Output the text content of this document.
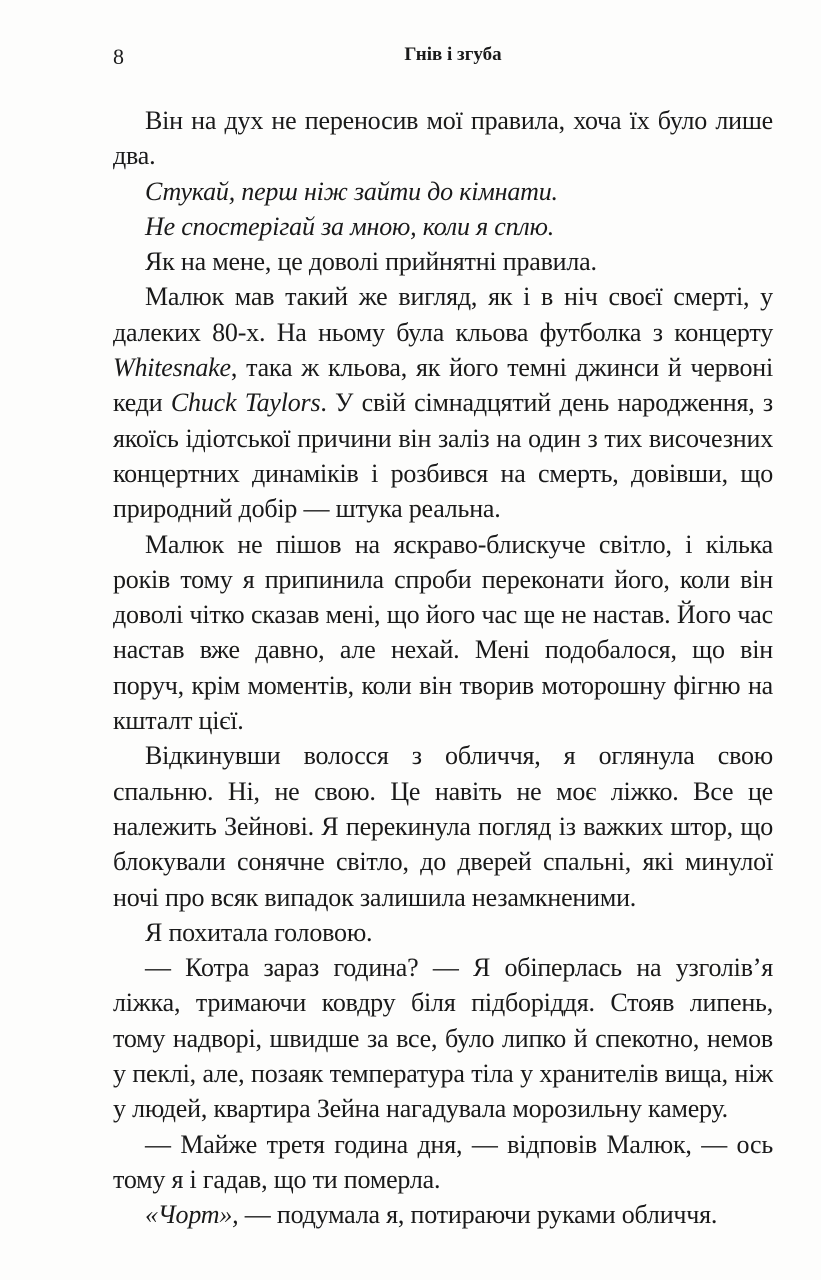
8	Гнів і згуба

Він на дух не переносив мої правила, хоча їх було лише два.

Стукай, перш ніж зайти до кімнати.

Не спостерігай за мною, коли я сплю.

Як на мене, це доволі прийнятні правила.

Малюк мав такий же вигляд, як і в ніч своєї смерті, у далеких 80-х. На ньому була кльова футболка з концерту Whitesnake, така ж кльова, як його темні джинси й червоні кеди Chuck Taylors. У свій сімнадцятий день народження, з якоїсь ідіотської причини він заліз на один з тих височезних концертних динаміків і розбився на смерть, довівши, що природний добір — штука реальна.

Малюк не пішов на яскраво-блискуче світло, і кілька років тому я припинила спроби переконати його, коли він доволі чітко сказав мені, що його час ще не настав. Його час настав вже давно, але нехай. Мені подобалося, що він поруч, крім моментів, коли він творив моторошну фігню на кшталт цієї.

Відкинувши волосся з обличчя, я оглянула свою спальню. Ні, не свою. Це навіть не моє ліжко. Все це належить Зейнові. Я перекинула погляд із важких штор, що блокували сонячне світло, до дверей спальні, які минулої ночі про всяк випадок залишила незамкненими.

Я похитала головою.

— Котра зараз година? — Я обіперлась на узголів’я ліжка, тримаючи ковдру біля підборіддя. Стояв липень, тому надворі, швидше за все, було липко й спекотно, немов у пеклі, але, позаяк температура тіла у хранителів вища, ніж у людей, квартира Зейна нагадувала морозильну камеру.

— Майже третя година дня, — відповів Малюк, — ось тому я і гадав, що ти померла.

«Чорт», — подумала я, потираючи руками обличчя.
